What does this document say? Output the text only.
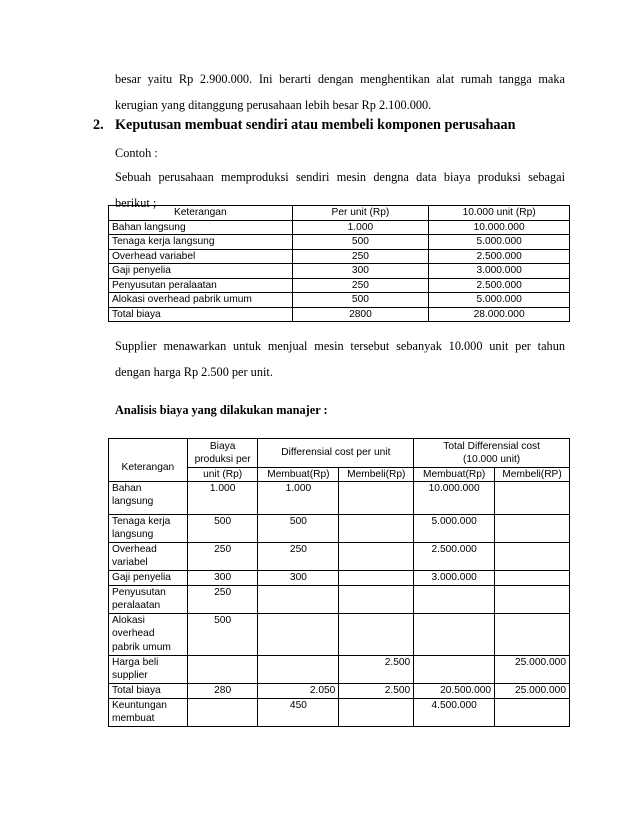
besar yaitu Rp 2.900.000. Ini berarti dengan menghentikan alat rumah tangga maka
kerugian yang ditanggung perusahaan lebih besar Rp 2.100.000.
2. Keputusan membuat sendiri atau membeli komponen perusahaan
Contoh :
Sebuah perusahaan memproduksi sendiri mesin dengna data biaya produksi sebagai
berikut ;
Keterangan	Per unit (Rp)	10.000 unit (Rp)
Bahan langsung	1.000	10.000.000
Tenaga kerja langsung	500	5.000.000
Overhead variabel	250	2.500.000
Gaji penyelia	300	3.000.000
Penyusutan peralaatan	250	2.500.000
Alokasi overhead pabrik umum	500	5.000.000
Total biaya	2800	28.000.000
Supplier menawarkan untuk menjual mesin tersebut sebanyak 10.000 unit per tahun
dengan harga Rp 2.500 per unit.
Analisis biaya yang dilakukan manajer :
Keterangan	Biaya produksi per	Differensial cost per unit		Total Differensial cost
(10.000 unit)	
	unit (Rp)	Membuat(Rp)	Membeli(Rp)	Membuat(Rp)	Membeli(RP)
Bahan langsung	1.000	1.000		10.000.000	
Tenaga kerja langsung	500	500		5.000.000	
Overhead variabel	250	250		2.500.000	
Gaji penyelia	300	300		3.000.000	
Penyusutan peralaatan	250				
Alokasi overhead pabrik umum	500				
Harga beli supplier			2.500		25.000.000
Total biaya	280	2.050	2.500	20.500.000	25.000.000
Keuntungan membuat		450		4.500.000	
